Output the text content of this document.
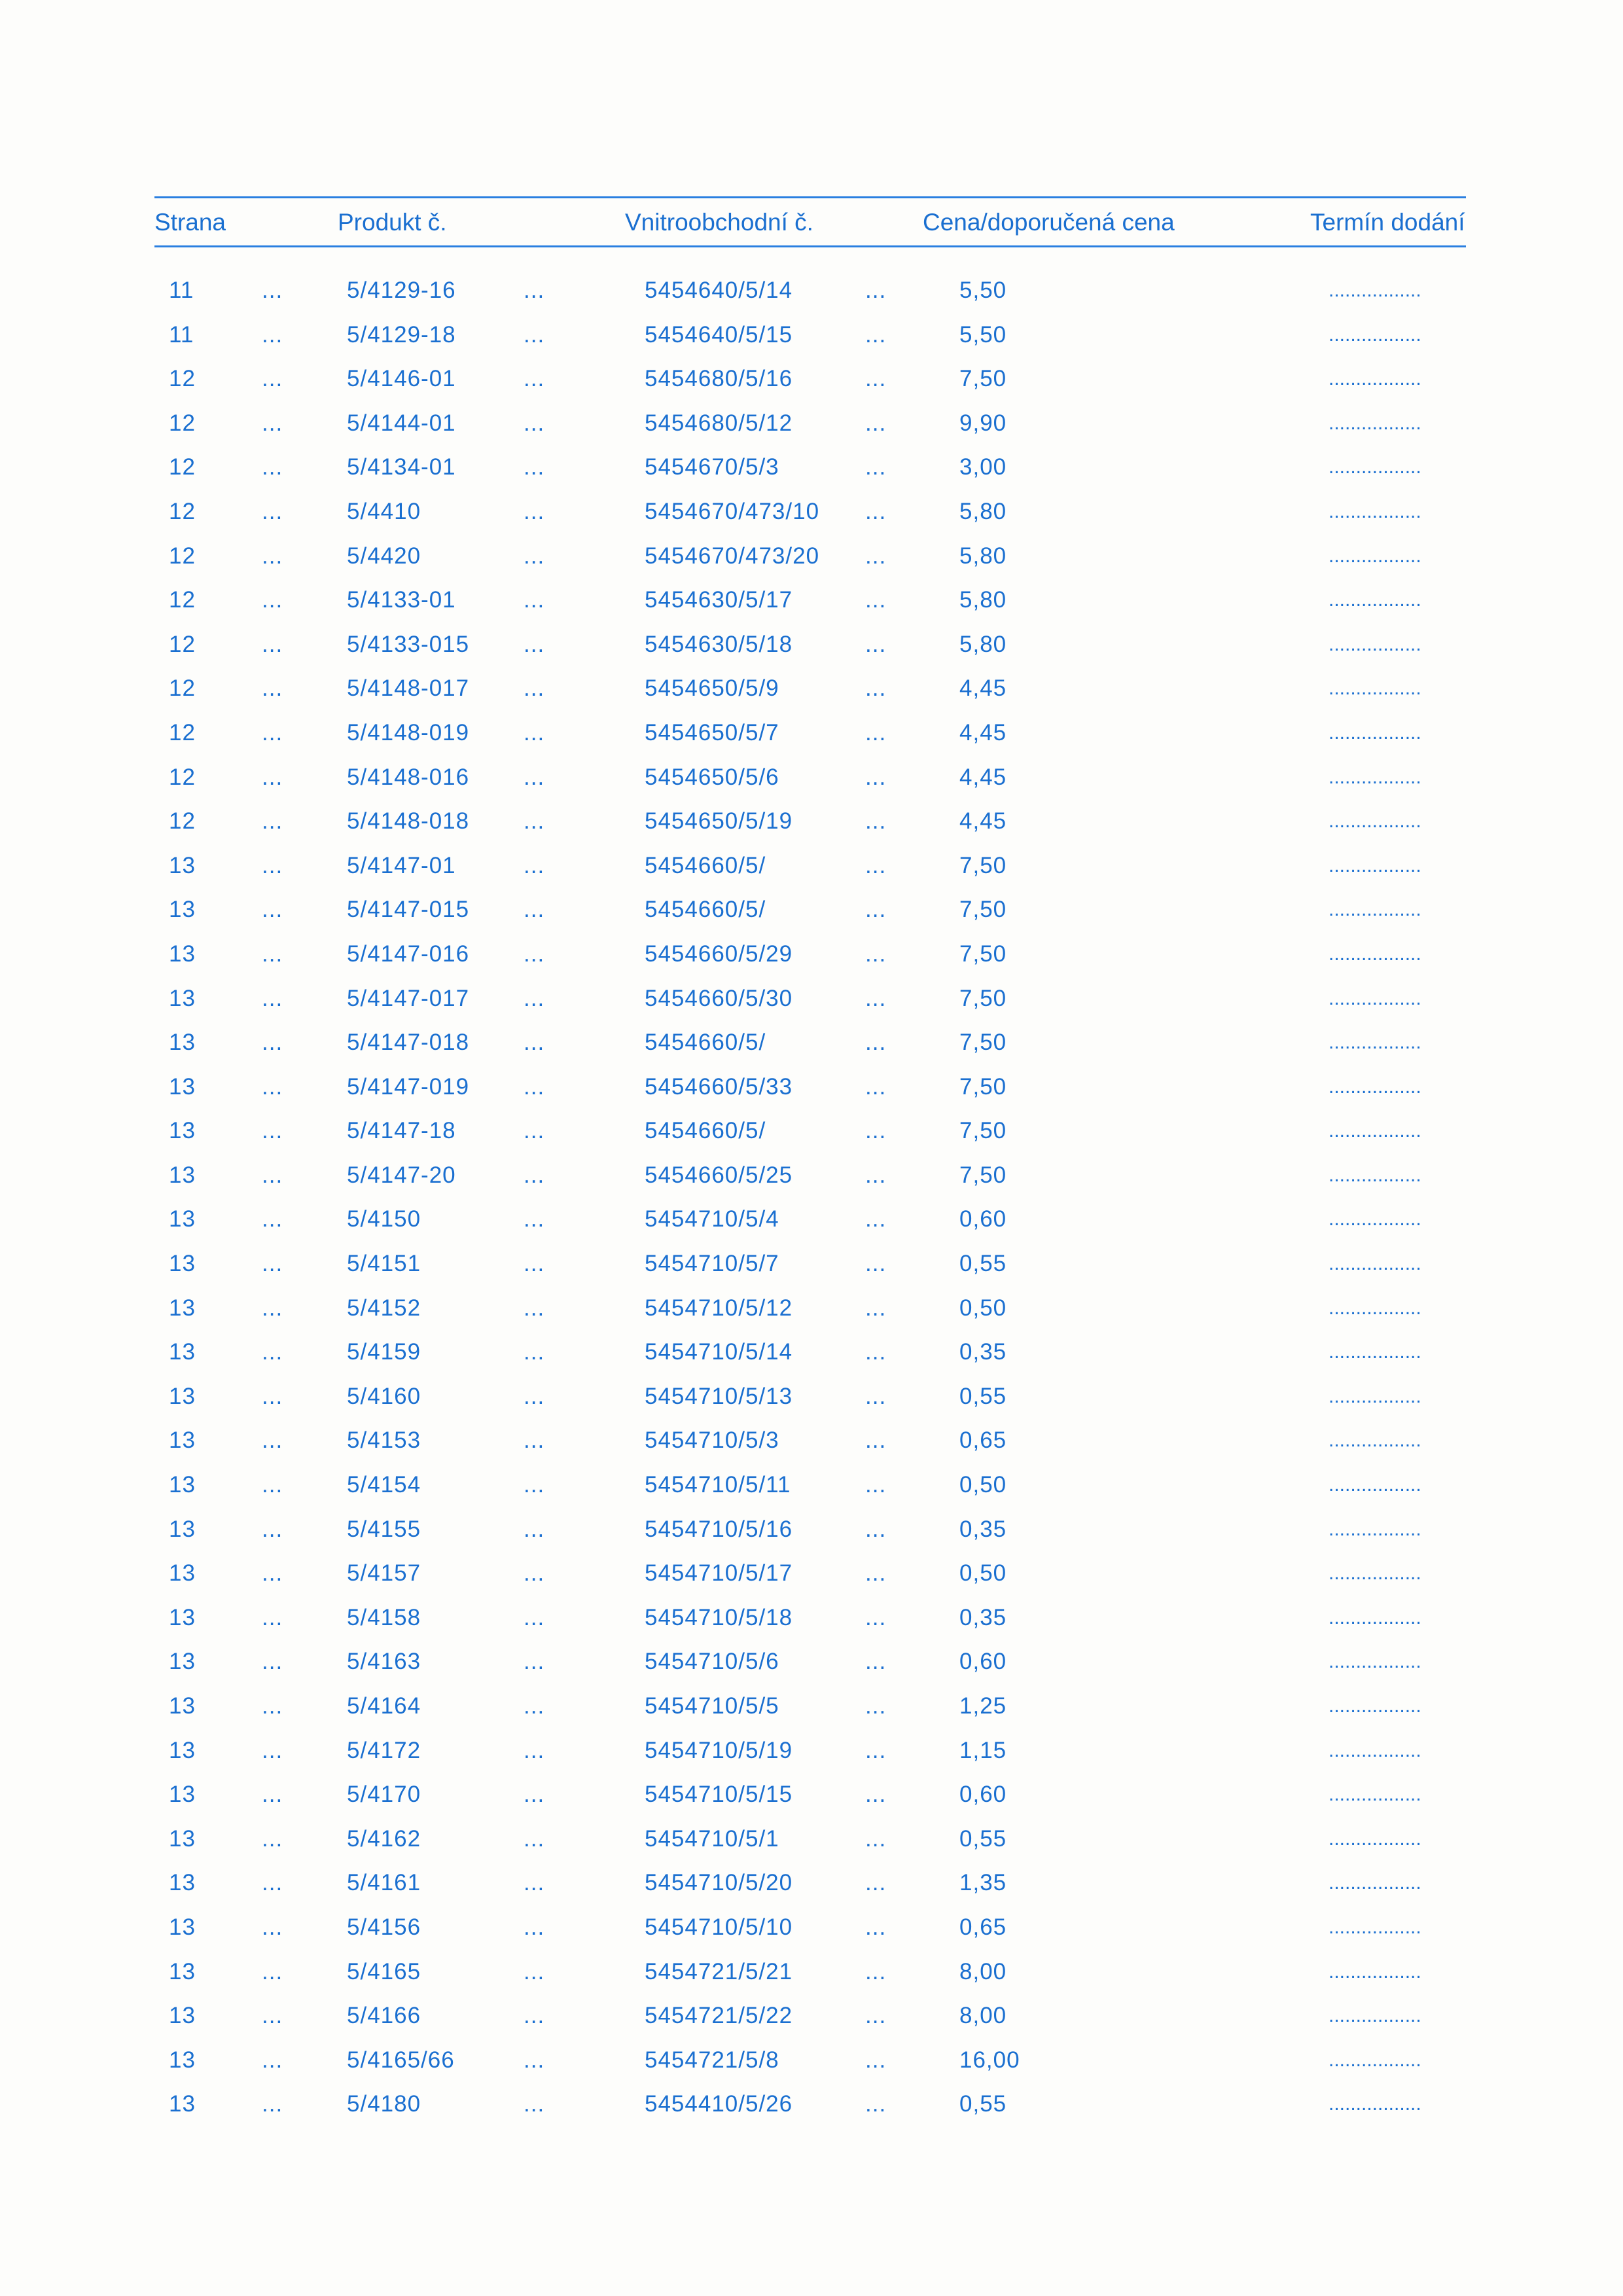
Strana	Produkt č.	Vnitroobchodní č.	Cena/doporučená cena	Termín dodání
11	...	5/4129-16	...	5454640/5/14	...	5,50	.................
11	...	5/4129-18	...	5454640/5/15	...	5,50	.................
12	...	5/4146-01	...	5454680/5/16	...	7,50	.................
12	...	5/4144-01	...	5454680/5/12	...	9,90	.................
12	...	5/4134-01	...	5454670/5/3	...	3,00	.................
12	...	5/4410	...	5454670/473/10 ...	5,80	.................
12	...	5/4420	...	5454670/473/20 ...	5,80	.................
12	...	5/4133-01	...	5454630/5/17	...	5,80	.................
12	...	5/4133-015 ...	5454630/5/18	...	5,80	.................
12	...	5/4148-017 ...	5454650/5/9	...	4,45	.................
12	...	5/4148-019 ...	5454650/5/7	...	4,45	.................
12	...	5/4148-016 ...	5454650/5/6	...	4,45	.................
12	...	5/4148-018 ...	5454650/5/19	...	4,45	.................
13	...	5/4147-01	...	5454660/5/	...	7,50	.................
13	...	5/4147-015 ...	5454660/5/	...	7,50	.................
13	...	5/4147-016 ...	5454660/5/29	...	7,50	.................
13	...	5/4147-017 ...	5454660/5/30	...	7,50	.................
13	...	5/4147-018 ...	5454660/5/	...	7,50	.................
13	...	5/4147-019 ...	5454660/5/33	...	7,50	.................
13	...	5/4147-18	...	5454660/5/	...	7,50	.................
13	...	5/4147-20	...	5454660/5/25	...	7,50	.................
13	...	5/4150	...	5454710/5/4	...	0,60	.................
13	...	5/4151	...	5454710/5/7	...	0,55	.................
13	...	5/4152	...	5454710/5/12	...	0,50	.................
13	...	5/4159	...	5454710/5/14	...	0,35	.................
13	...	5/4160	...	5454710/5/13	...	0,55	.................
13	...	5/4153	...	5454710/5/3	...	0,65	.................
13	...	5/4154	...	5454710/5/11	...	0,50	.................
13	...	5/4155	...	5454710/5/16	...	0,35	.................
13	...	5/4157	...	5454710/5/17	...	0,50	.................
13	...	5/4158	...	5454710/5/18	...	0,35	.................
13	...	5/4163	...	5454710/5/6	...	0,60	.................
13	...	5/4164	...	5454710/5/5	...	1,25	.................
13	...	5/4172	...	5454710/5/19	...	1,15	.................
13	...	5/4170	...	5454710/5/15	...	0,60	.................
13	...	5/4162	...	5454710/5/1	...	0,55	.................
13	...	5/4161	...	5454710/5/20	...	1,35	.................
13	...	5/4156	...	5454710/5/10	...	0,65	.................
13	...	5/4165	...	5454721/5/21	...	8,00	.................
13	...	5/4166	...	5454721/5/22	...	8,00	.................
13	...	5/4165/66	...	5454721/5/8	...	16,00	.................
13	...	5/4180	...	5454410/5/26	...	0,55	.................
